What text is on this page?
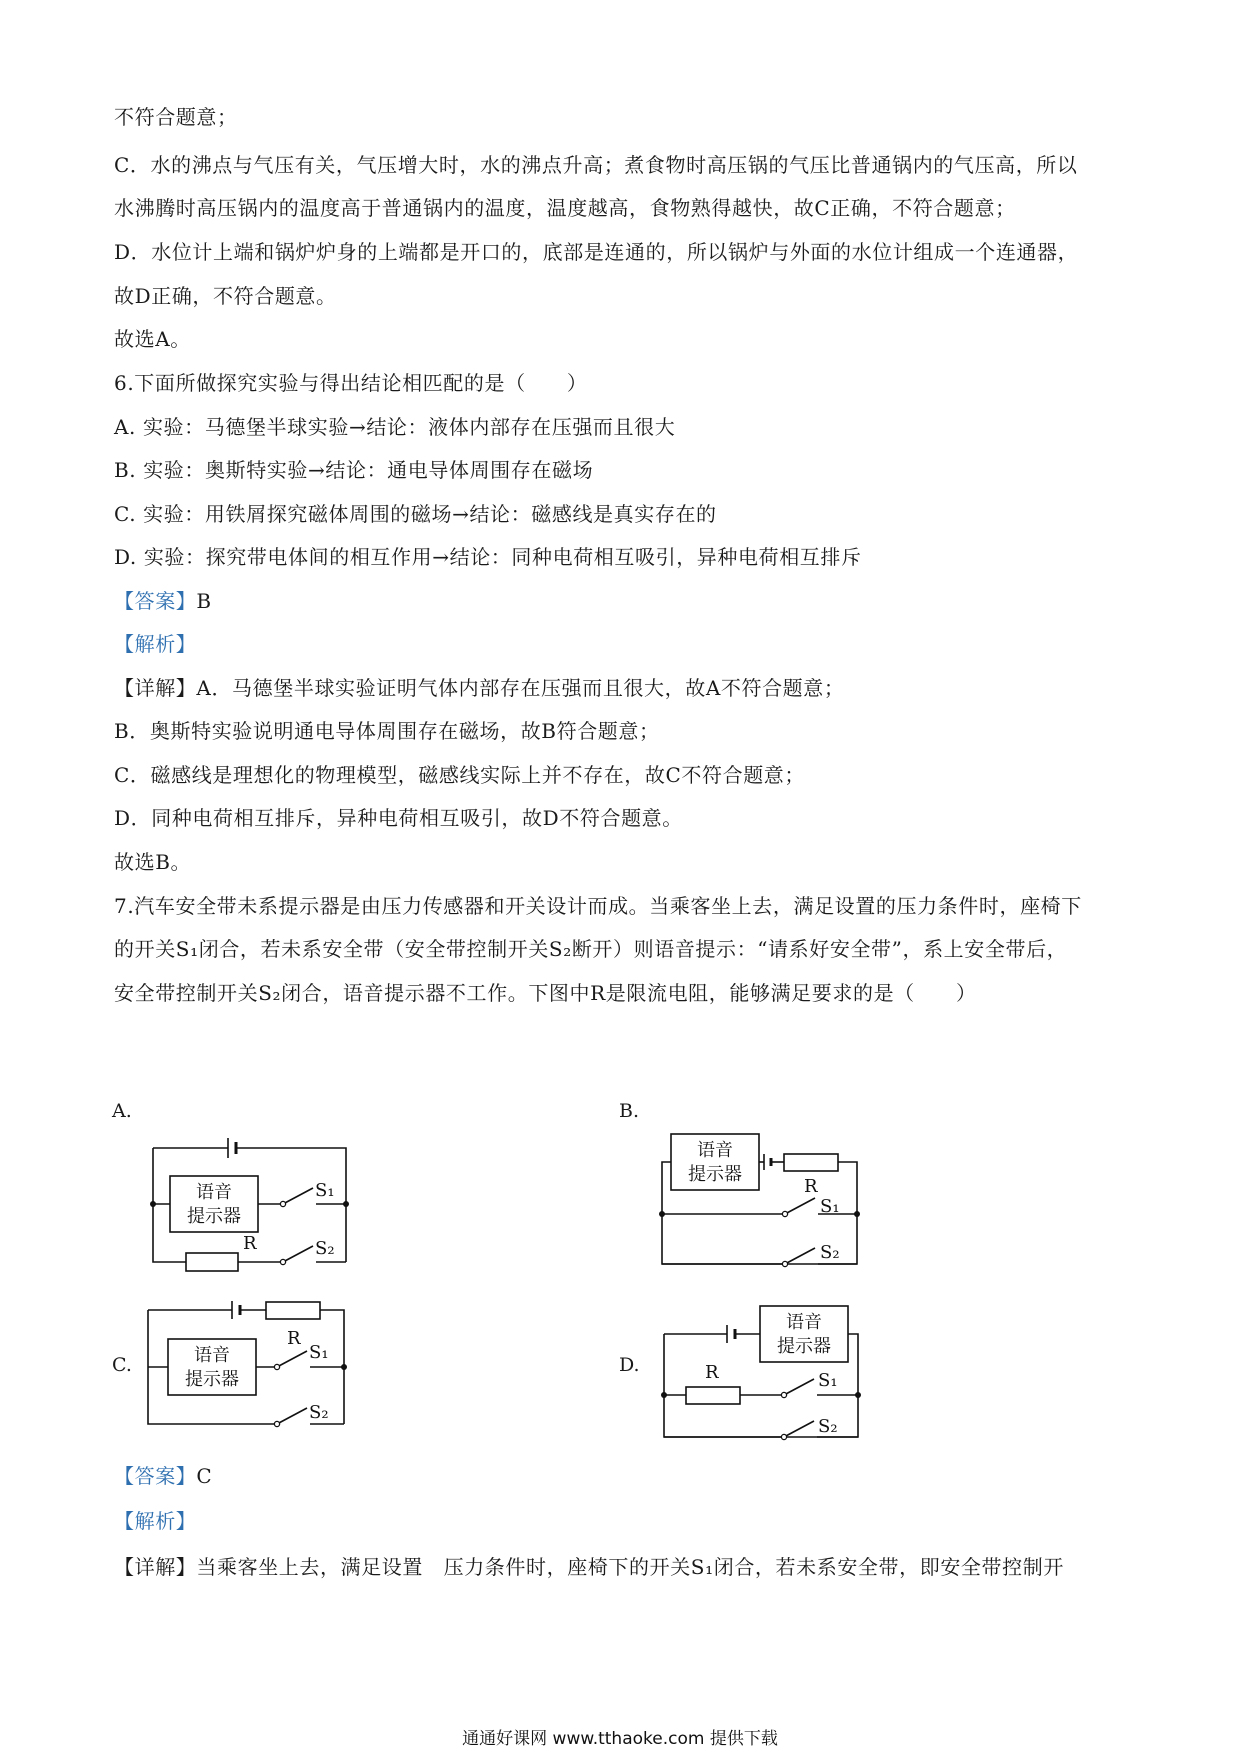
不符合题意；
C．水的沸点与气压有关，气压增大时，水的沸点升高；煮食物时高压锅的气压比普通锅内的气压高，所以
水沸腾时高压锅内的温度高于普通锅内的温度，温度越高，食物熟得越快，故C正确，不符合题意；
D．水位计上端和锅炉炉身的上端都是开口的，底部是连通的，所以锅炉与外面的水位计组成一个连通器，
故D正确，不符合题意。
故选A。
6.下面所做探究实验与得出结论相匹配的是（　　）
A. 实验：马德堡半球实验→结论：液体内部存在压强而且很大
B. 实验：奥斯特实验→结论：通电导体周围存在磁场
C. 实验：用铁屑探究磁体周围的磁场→结论：磁感线是真实存在的
D. 实验：探究带电体间的相互作用→结论：同种电荷相互吸引，异种电荷相互排斥
【答案】B
【解析】
【详解】A．马德堡半球实验证明气体内部存在压强而且很大，故A不符合题意；
B．奥斯特实验说明通电导体周围存在磁场，故B符合题意；
C．磁感线是理想化的物理模型，磁感线实际上并不存在，故C不符合题意；
D．同种电荷相互排斥，异种电荷相互吸引，故D不符合题意。
故选B。
7.汽车安全带未系提示器是由压力传感器和开关设计而成。当乘客坐上去，满足设置的压力条件时，座椅下
的开关S₁闭合，若未系安全带（安全带控制开关S₂断开）则语音提示：“请系好安全带”，系上安全带后，
安全带控制开关S₂闭合，语音提示器不工作。下图中R是限流电阻，能够满足要求的是（　　）
A.	B.
C.	D.
语音
提示器
R
S₁
S₂
语音
提示器
R
S₁
S₂
语音
提示器
R
S₁
S₂
语音
提示器
R	S₁
S₂
【答案】C
【解析】
【详解】当乘客坐上去，满足设置　压力条件时，座椅下的开关S₁闭合，若未系安全带，即安全带控制开
通通好课网 www.tthaoke.com 提供下载
